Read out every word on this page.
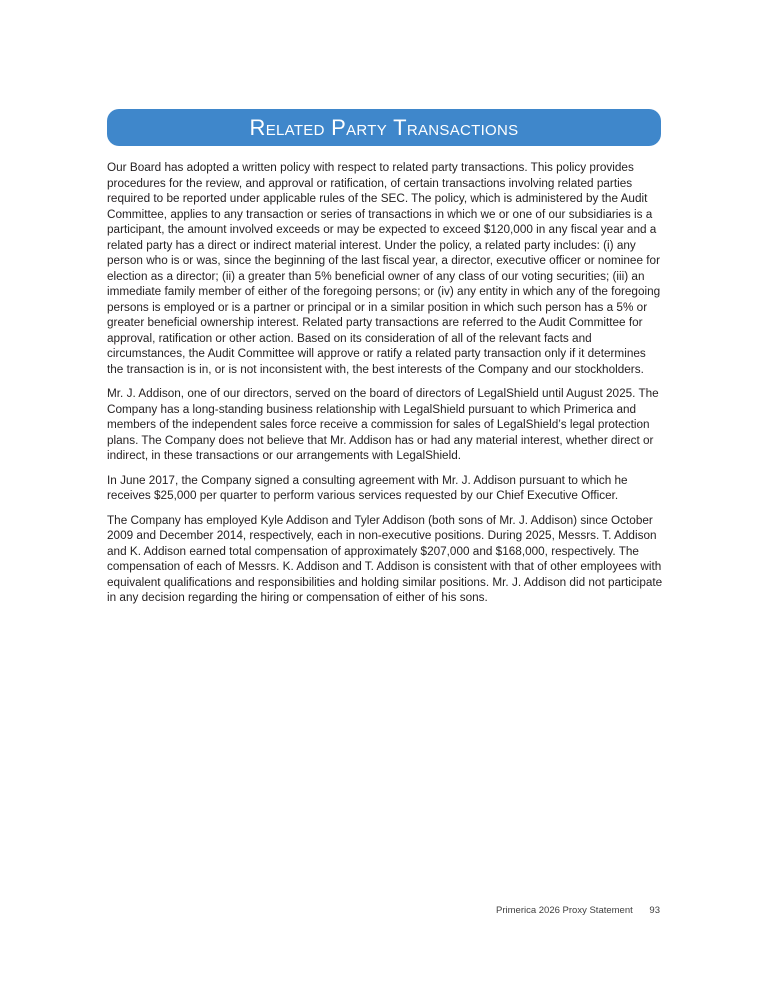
Related Party Transactions

Our Board has adopted a written policy with respect to related party transactions. This policy provides procedures for the review, and approval or ratification, of certain transactions involving related parties required to be reported under applicable rules of the SEC. The policy, which is administered by the Audit Committee, applies to any transaction or series of transactions in which we or one of our subsidiaries is a participant, the amount involved exceeds or may be expected to exceed $120,000 in any fiscal year and a related party has a direct or indirect material interest. Under the policy, a related party includes: (i) any person who is or was, since the beginning of the last fiscal year, a director, executive officer or nominee for election as a director; (ii) a greater than 5% beneficial owner of any class of our voting securities; (iii) an immediate family member of either of the foregoing persons; or (iv) any entity in which any of the foregoing persons is employed or is a partner or principal or in a similar position in which such person has a 5% or greater beneficial ownership interest. Related party transactions are referred to the Audit Committee for approval, ratification or other action. Based on its consideration of all of the relevant facts and circumstances, the Audit Committee will approve or ratify a related party transaction only if it determines the transaction is in, or is not inconsistent with, the best interests of the Company and our stockholders.

Mr. J. Addison, one of our directors, served on the board of directors of LegalShield until August 2025. The Company has a long-standing business relationship with LegalShield pursuant to which Primerica and members of the independent sales force receive a commission for sales of LegalShield’s legal protection plans. The Company does not believe that Mr. Addison has or had any material interest, whether direct or indirect, in these transactions or our arrangements with LegalShield.

In June 2017, the Company signed a consulting agreement with Mr. J. Addison pursuant to which he receives $25,000 per quarter to perform various services requested by our Chief Executive Officer.

The Company has employed Kyle Addison and Tyler Addison (both sons of Mr. J. Addison) since October 2009 and December 2014, respectively, each in non-executive positions. During 2025, Messrs. T. Addison and K. Addison earned total compensation of approximately $207,000 and $168,000, respectively. The compensation of each of Messrs. K. Addison and T. Addison is consistent with that of other employees with equivalent qualifications and responsibilities and holding similar positions. Mr. J. Addison did not participate in any decision regarding the hiring or compensation of either of his sons.

Primerica 2026 Proxy Statement 93
